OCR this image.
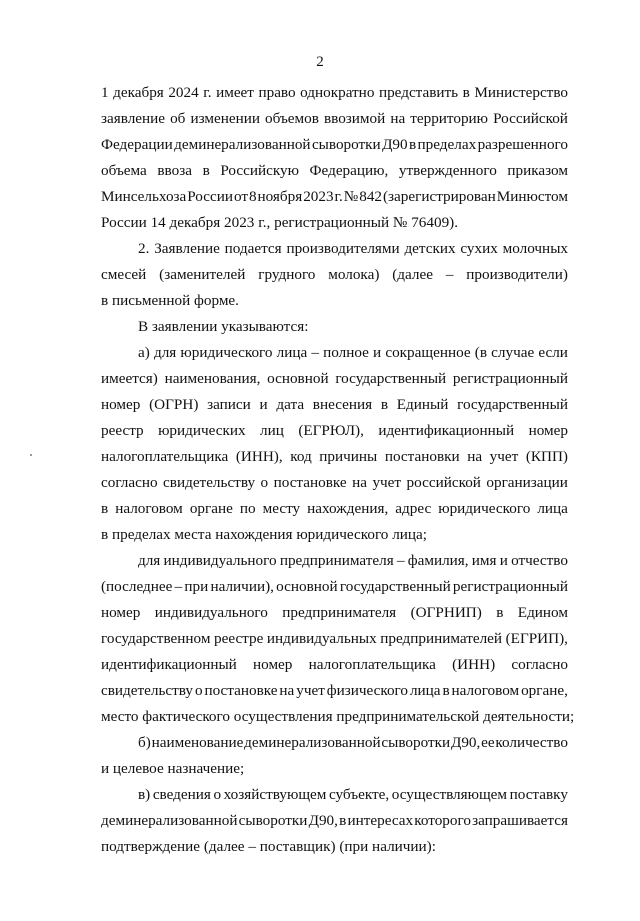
2
1 декабря 2024 г. имеет право однократно представить в Министерство
заявление об изменении объемов ввозимой на территорию Российской
Федерации деминерализованной сыворотки Д90 в пределах разрешенного
объема ввоза в Российскую Федерацию, утвержденного приказом
Минсельхоза России от 8 ноября 2023 г. № 842 (зарегистрирован Минюстом
России 14 декабря 2023 г., регистрационный № 76409).
2. Заявление подается производителями детских сухих молочных
смесей (заменителей грудного молока) (далее – производители)
в письменной форме.
В заявлении указываются:
а) для юридического лица – полное и сокращенное (в случае если
имеется) наименования, основной государственный регистрационный
номер (ОГРН) записи и дата внесения в Единый государственный
реестр юридических лиц (ЕГРЮЛ), идентификационный номер
налогоплательщика (ИНН), код причины постановки на учет (КПП)
согласно свидетельству о постановке на учет российской организации
в налоговом органе по месту нахождения, адрес юридического лица
в пределах места нахождения юридического лица;
для индивидуального предпринимателя – фамилия, имя и отчество
(последнее – при наличии), основной государственный регистрационный
номер индивидуального предпринимателя (ОГРНИП) в Едином
государственном реестре индивидуальных предпринимателей (ЕГРИП),
идентификационный номер налогоплательщика (ИНН) согласно
свидетельству о постановке на учет физического лица в налоговом органе,
место фактического осуществления предпринимательской деятельности;
б) наименование деминерализованной сыворотки Д90, ее количество
и целевое назначение;
в) сведения о хозяйствующем субъекте, осуществляющем поставку
деминерализованной сыворотки Д90, в интересах которого запрашивается
подтверждение (далее – поставщик) (при наличии):
